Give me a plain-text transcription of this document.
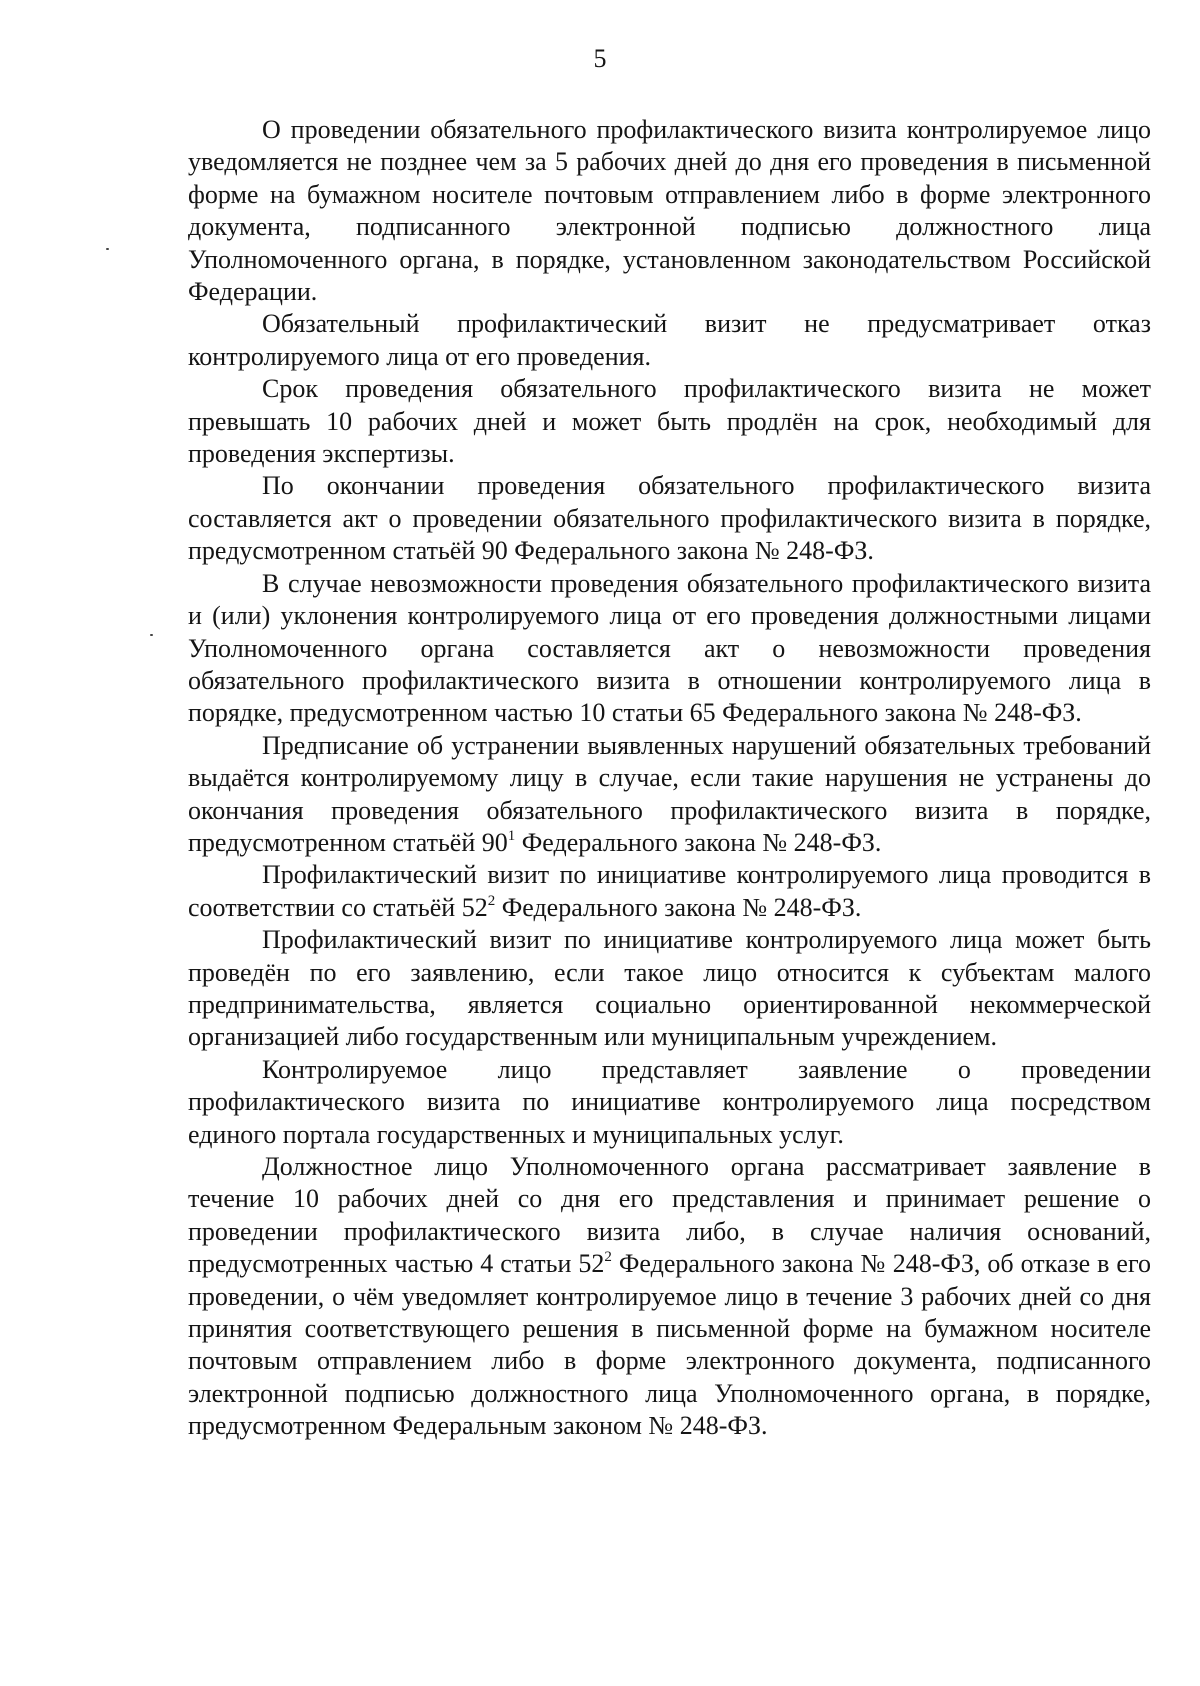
5

О проведении обязательного профилактического визита контролируемое лицо уведомляется не позднее чем за 5 рабочих дней до дня его проведения в письменной форме на бумажном носителе почтовым отправлением либо в форме электронного документа, подписанного электронной подписью должностного лица Уполномоченного органа, в порядке, установленном законодательством Российской Федерации.

Обязательный профилактический визит не предусматривает отказ контролируемого лица от его проведения.

Срок проведения обязательного профилактического визита не может превышать 10 рабочих дней и может быть продлён на срок, необходимый для проведения экспертизы.

По окончании проведения обязательного профилактического визита составляется акт о проведении обязательного профилактического визита в порядке, предусмотренном статьёй 90 Федерального закона № 248-ФЗ.

В случае невозможности проведения обязательного профилактического визита и (или) уклонения контролируемого лица от его проведения должностными лицами Уполномоченного органа составляется акт о невозможности проведения обязательного профилактического визита в отношении контролируемого лица в порядке, предусмотренном частью 10 статьи 65 Федерального закона № 248-ФЗ.

Предписание об устранении выявленных нарушений обязательных требований выдаётся контролируемому лицу в случае, если такие нарушения не устранены до окончания проведения обязательного профилактического визита в порядке, предусмотренном статьёй $90^1$ Федерального закона № 248-ФЗ.

Профилактический визит по инициативе контролируемого лица проводится в соответствии со статьёй $52^2$ Федерального закона № 248-ФЗ.

Профилактический визит по инициативе контролируемого лица может быть проведён по его заявлению, если такое лицо относится к субъектам малого предпринимательства, является социально ориентированной некоммерческой организацией либо государственным или муниципальным учреждением.

Контролируемое лицо представляет заявление о проведении профилактического визита по инициативе контролируемого лица посредством единого портала государственных и муниципальных услуг.

Должностное лицо Уполномоченного органа рассматривает заявление в течение 10 рабочих дней со дня его представления и принимает решение о проведении профилактического визита либо, в случае наличия оснований, предусмотренных частью 4 статьи $52^2$ Федерального закона № 248-ФЗ, об отказе в его проведении, о чём уведомляет контролируемое лицо в течение 3 рабочих дней со дня принятия соответствующего решения в письменной форме на бумажном носителе почтовым отправлением либо в форме электронного документа, подписанного электронной подписью должностного лица Уполномоченного органа, в порядке, предусмотренном Федеральным законом № 248-ФЗ.
